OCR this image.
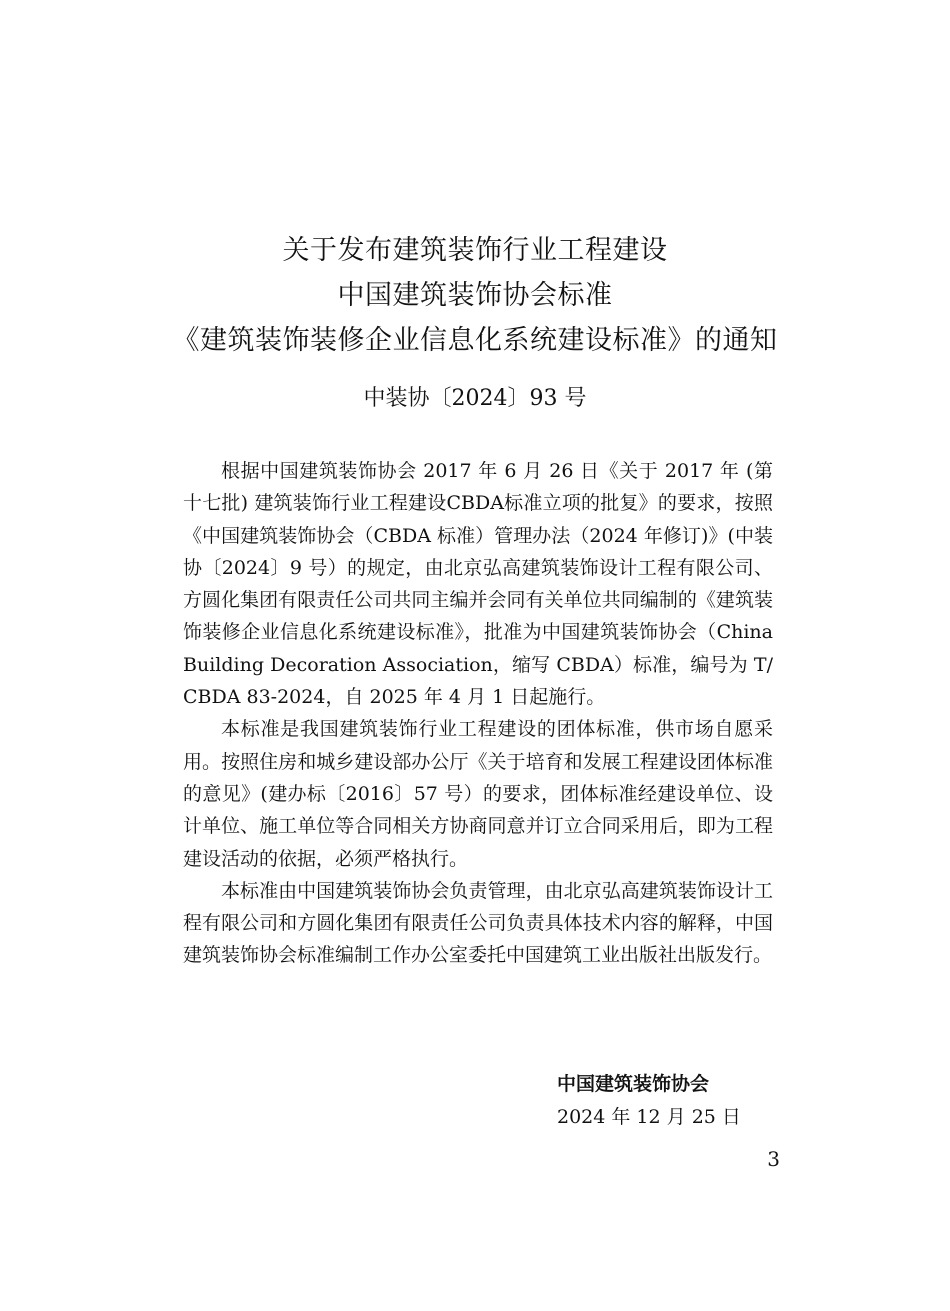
关于发布建筑装饰行业工程建设
中国建筑装饰协会标准
《建筑装饰装修企业信息化系统建设标准》的通知
中装协〔2024〕93 号

根据中国建筑装饰协会 2017 年 6 月 26 日《关于 2017 年 (第十七批) 建筑装饰行业工程建设CBDA标准立项的批复》的要求，按照《中国建筑装饰协会（CBDA 标准）管理办法（2024 年修订)》(中装协〔2024〕9 号）的规定，由北京弘高建筑装饰设计工程有限公司、方圆化集团有限责任公司共同主编并会同有关单位共同编制的《建筑装饰装修企业信息化系统建设标准》，批准为中国建筑装饰协会（China Building Decoration Association，缩写 CBDA）标准，编号为 T/CBDA 83-2024，自 2025 年 4 月 1 日起施行。

本标准是我国建筑装饰行业工程建设的团体标准，供市场自愿采用。按照住房和城乡建设部办公厅《关于培育和发展工程建设团体标准的意见》(建办标〔2016〕57 号）的要求，团体标准经建设单位、设计单位、施工单位等合同相关方协商同意并订立合同采用后，即为工程建设活动的依据，必须严格执行。

本标准由中国建筑装饰协会负责管理，由北京弘高建筑装饰设计工程有限公司和方圆化集团有限责任公司负责具体技术内容的解释，中国建筑装饰协会标准编制工作办公室委托中国建筑工业出版社出版发行。

中国建筑装饰协会
2024 年 12 月 25 日
3
